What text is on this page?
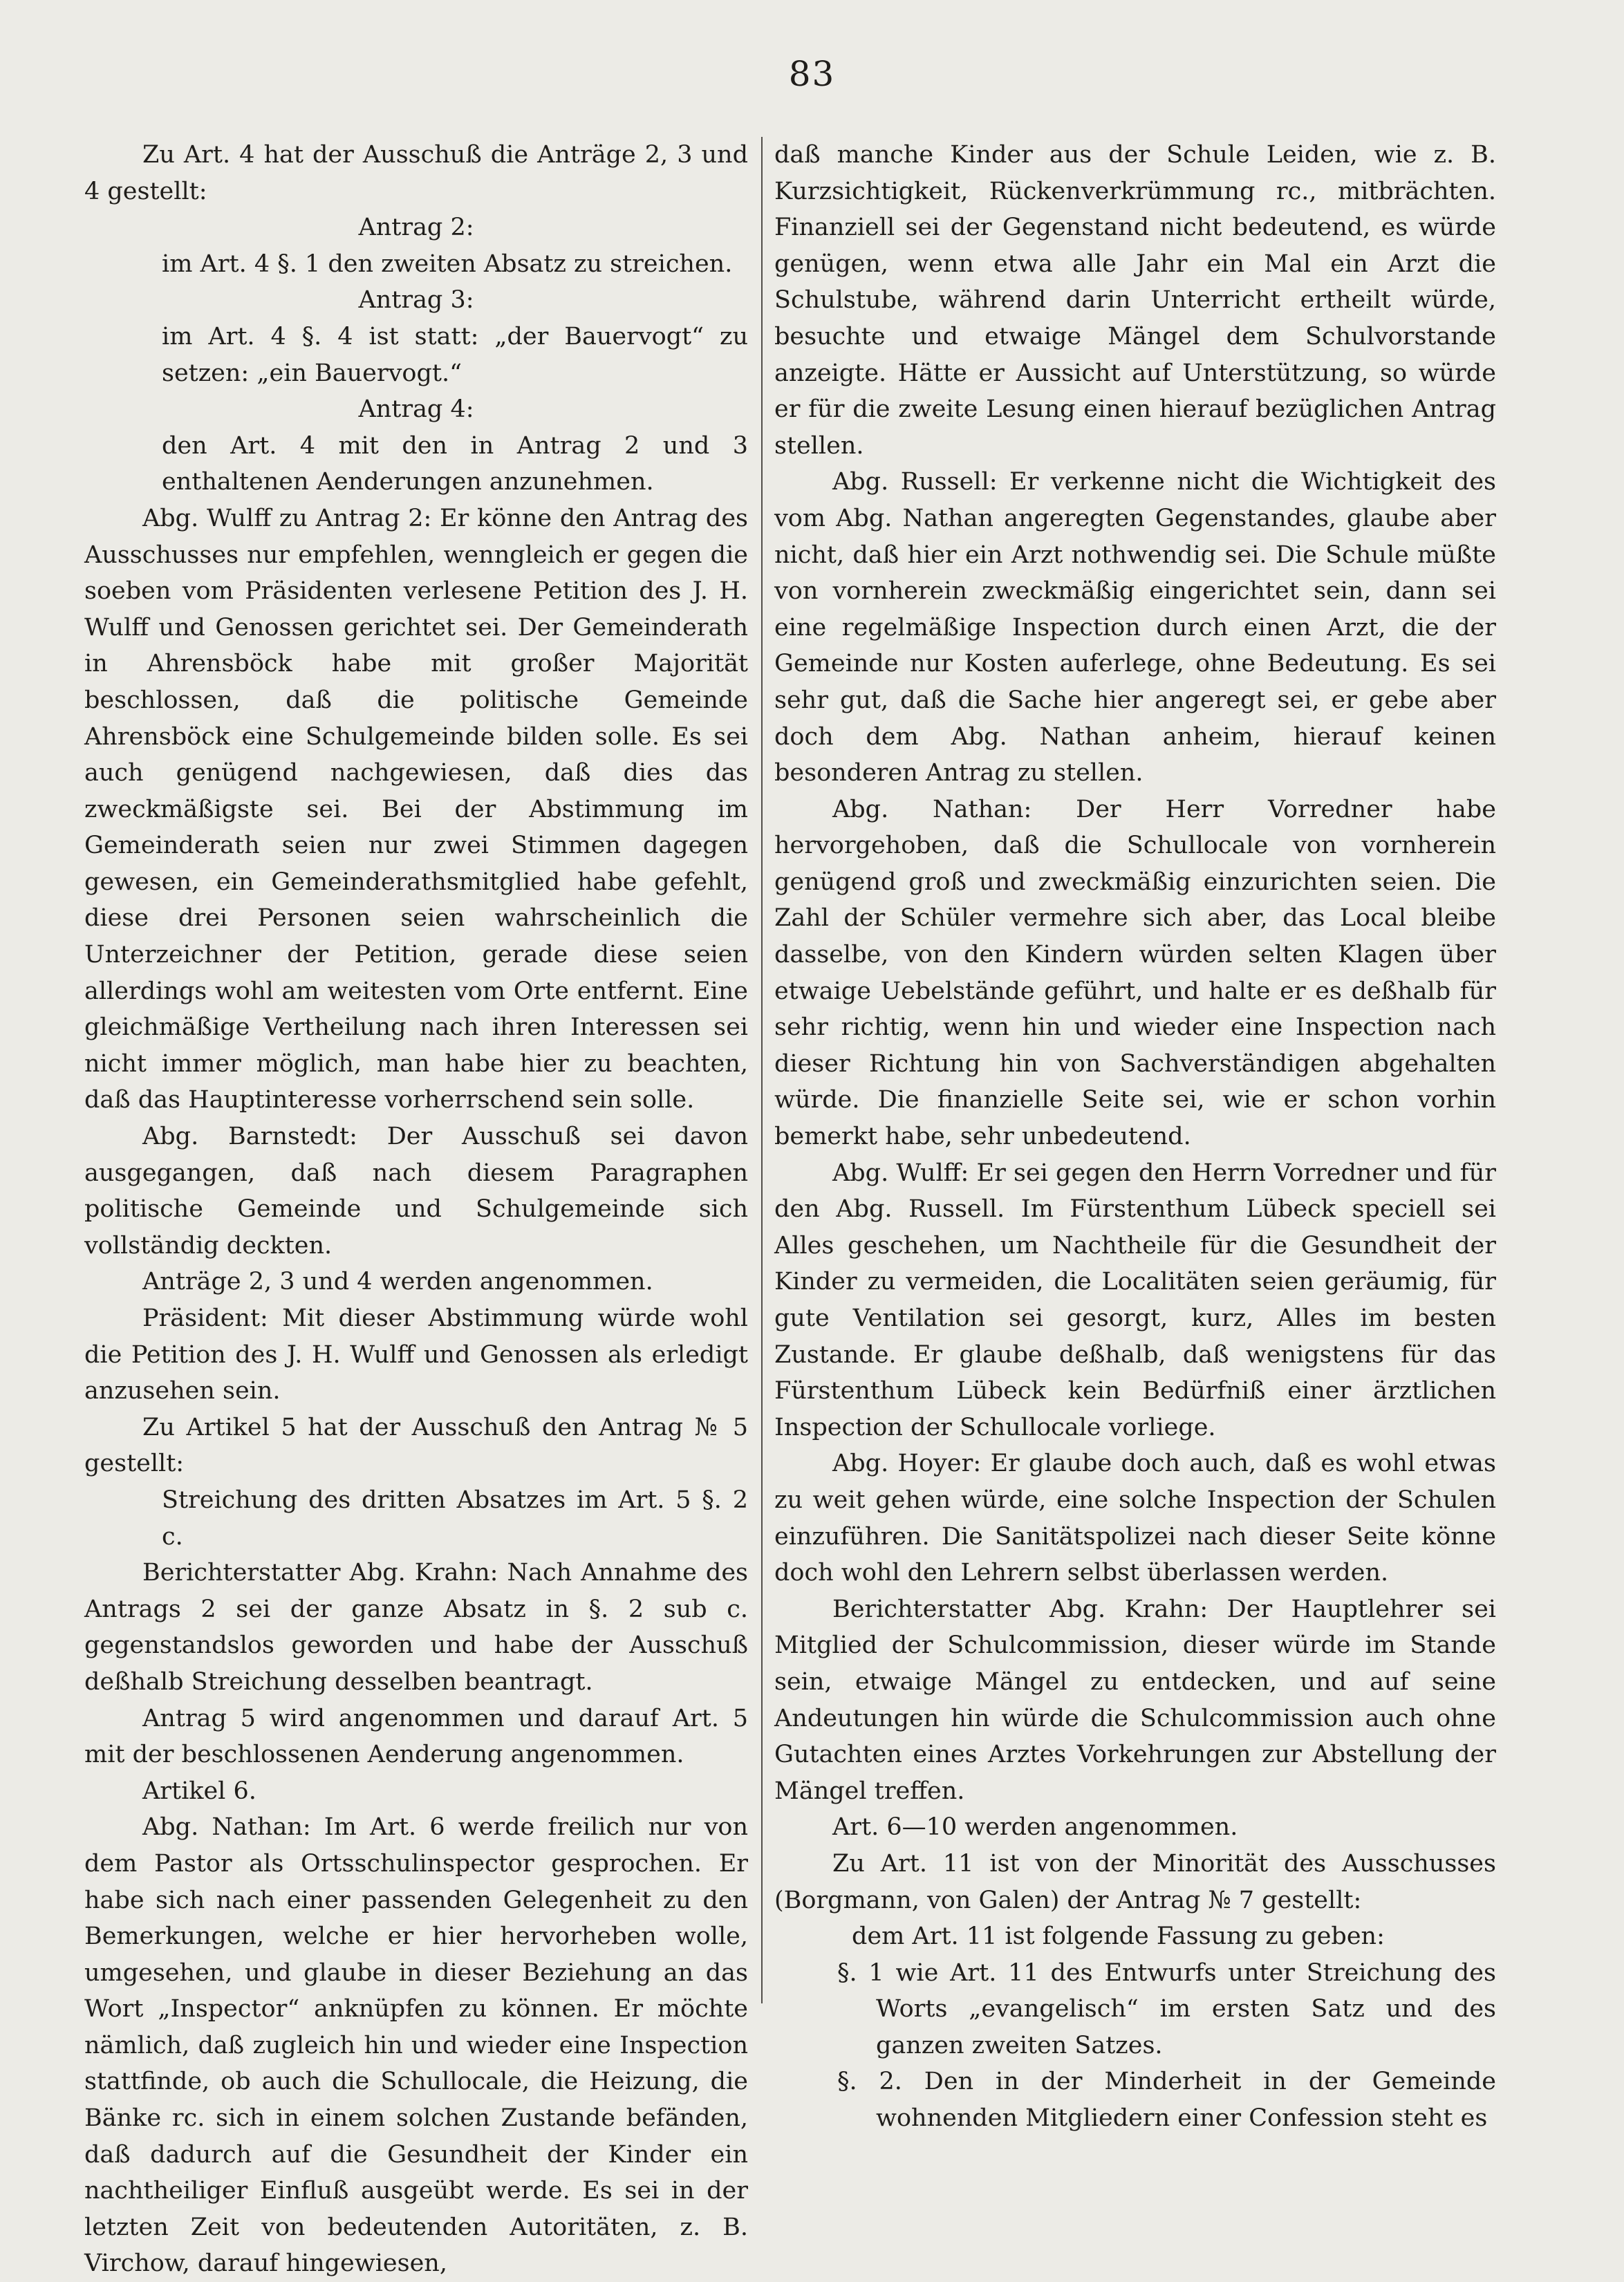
83

Zu Art. 4 hat der Ausschuß die Anträge 2, 3 und 4 gestellt:

Antrag 2:

im Art. 4 §. 1 den zweiten Absatz zu streichen.

Antrag 3:

im Art. 4 §. 4 ist statt: „der Bauervogt“ zu setzen: „ein Bauervogt.“

Antrag 4:

den Art. 4 mit den in Antrag 2 und 3 enthaltenen Aenderungen anzunehmen.

Abg. Wulff zu Antrag 2: Er könne den Antrag des Ausschusses nur empfehlen, wenngleich er gegen die soeben vom Präsidenten verlesene Petition des J. H. Wulff und Genossen gerichtet sei. Der Gemeinderath in Ahrensböck habe mit großer Majorität beschlossen, daß die politische Gemeinde Ahrensböck eine Schulgemeinde bilden solle. Es sei auch genügend nachgewiesen, daß dies das zweckmäßigste sei. Bei der Abstimmung im Gemeinderath seien nur zwei Stimmen dagegen gewesen, ein Gemeinderathsmitglied habe gefehlt, diese drei Personen seien wahrscheinlich die Unterzeichner der Petition, gerade diese seien allerdings wohl am weitesten vom Orte entfernt. Eine gleichmäßige Vertheilung nach ihren Interessen sei nicht immer möglich, man habe hier zu beachten, daß das Hauptinteresse vorherrschend sein solle.

Abg. Barnstedt: Der Ausschuß sei davon ausgegangen, daß nach diesem Paragraphen politische Gemeinde und Schulgemeinde sich vollständig deckten.

Anträge 2, 3 und 4 werden angenommen.

Präsident: Mit dieser Abstimmung würde wohl die Petition des J. H. Wulff und Genossen als erledigt anzusehen sein.

Zu Artikel 5 hat der Ausschuß den Antrag № 5 gestellt:

Streichung des dritten Absatzes im Art. 5 §. 2 c.

Berichterstatter Abg. Krahn: Nach Annahme des Antrags 2 sei der ganze Absatz in §. 2 sub c. gegenstandslos geworden und habe der Ausschuß deßhalb Streichung desselben beantragt.

Antrag 5 wird angenommen und darauf Art. 5 mit der beschlossenen Aenderung angenommen.

Artikel 6.

Abg. Nathan: Im Art. 6 werde freilich nur von dem Pastor als Ortsschulinspector gesprochen. Er habe sich nach einer passenden Gelegenheit zu den Bemerkungen, welche er hier hervorheben wolle, umgesehen, und glaube in dieser Beziehung an das Wort „Inspector“ anknüpfen zu können. Er möchte nämlich, daß zugleich hin und wieder eine Inspection stattfinde, ob auch die Schullocale, die Heizung, die Bänke rc. sich in einem solchen Zustande befänden, daß dadurch auf die Gesundheit der Kinder ein nachtheiliger Einfluß ausgeübt werde. Es sei in der letzten Zeit von bedeutenden Autoritäten, z. B. Virchow, darauf hingewiesen,

daß manche Kinder aus der Schule Leiden, wie z. B. Kurzsichtigkeit, Rückenverkrümmung rc., mitbrächten. Finanziell sei der Gegenstand nicht bedeutend, es würde genügen, wenn etwa alle Jahr ein Mal ein Arzt die Schulstube, während darin Unterricht ertheilt würde, besuchte und etwaige Mängel dem Schulvorstande anzeigte. Hätte er Aussicht auf Unterstützung, so würde er für die zweite Lesung einen hierauf bezüglichen Antrag stellen.

Abg. Russell: Er verkenne nicht die Wichtigkeit des vom Abg. Nathan angeregten Gegenstandes, glaube aber nicht, daß hier ein Arzt nothwendig sei. Die Schule müßte von vornherein zweckmäßig eingerichtet sein, dann sei eine regelmäßige Inspection durch einen Arzt, die der Gemeinde nur Kosten auferlege, ohne Bedeutung. Es sei sehr gut, daß die Sache hier angeregt sei, er gebe aber doch dem Abg. Nathan anheim, hierauf keinen besonderen Antrag zu stellen.

Abg. Nathan: Der Herr Vorredner habe hervorgehoben, daß die Schullocale von vornherein genügend groß und zweckmäßig einzurichten seien. Die Zahl der Schüler vermehre sich aber, das Local bleibe dasselbe, von den Kindern würden selten Klagen über etwaige Uebelstände geführt, und halte er es deßhalb für sehr richtig, wenn hin und wieder eine Inspection nach dieser Richtung hin von Sachverständigen abgehalten würde. Die finanzielle Seite sei, wie er schon vorhin bemerkt habe, sehr unbedeutend.

Abg. Wulff: Er sei gegen den Herrn Vorredner und für den Abg. Russell. Im Fürstenthum Lübeck speciell sei Alles geschehen, um Nachtheile für die Gesundheit der Kinder zu vermeiden, die Localitäten seien geräumig, für gute Ventilation sei gesorgt, kurz, Alles im besten Zustande. Er glaube deßhalb, daß wenigstens für das Fürstenthum Lübeck kein Bedürfniß einer ärztlichen Inspection der Schullocale vorliege.

Abg. Hoyer: Er glaube doch auch, daß es wohl etwas zu weit gehen würde, eine solche Inspection der Schulen einzuführen. Die Sanitätspolizei nach dieser Seite könne doch wohl den Lehrern selbst überlassen werden.

Berichterstatter Abg. Krahn: Der Hauptlehrer sei Mitglied der Schulcommission, dieser würde im Stande sein, etwaige Mängel zu entdecken, und auf seine Andeutungen hin würde die Schulcommission auch ohne Gutachten eines Arztes Vorkehrungen zur Abstellung der Mängel treffen.

Art. 6—10 werden angenommen.

Zu Art. 11 ist von der Minorität des Ausschusses (Borgmann, von Galen) der Antrag № 7 gestellt:

dem Art. 11 ist folgende Fassung zu geben:

§. 1 wie Art. 11 des Entwurfs unter Streichung des Worts „evangelisch“ im ersten Satz und des ganzen zweiten Satzes.

§. 2. Den in der Minderheit in der Gemeinde wohnenden Mitgliedern einer Confession steht es
